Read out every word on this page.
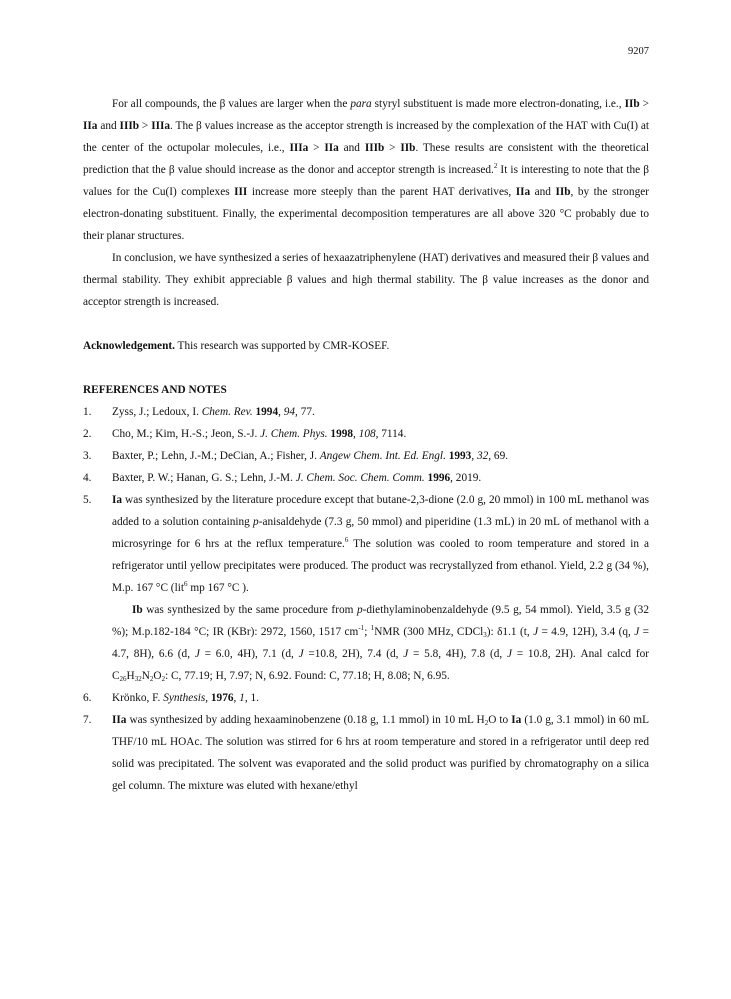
9207

For all compounds, the β values are larger when the para styryl substituent is made more electron-donating, i.e., IIb > IIa and IIIb > IIIa. The β values increase as the acceptor strength is increased by the complexation of the HAT with Cu(I) at the center of the octupolar molecules, i.e., IIIa > IIa and IIIb > IIb. These results are consistent with the theoretical prediction that the β value should increase as the donor and acceptor strength is increased.$^2$ It is interesting to note that the β values for the Cu(I) complexes III increase more steeply than the parent HAT derivatives, IIa and IIb, by the stronger electron-donating substituent. Finally, the experimental decomposition temperatures are all above 320 °C probably due to their planar structures.

In conclusion, we have synthesized a series of hexaazatriphenylene (HAT) derivatives and measured their β values and thermal stability. They exhibit appreciable β values and high thermal stability. The β value increases as the donor and acceptor strength is increased.

Acknowledgement. This research was supported by CMR-KOSEF.

REFERENCES AND NOTES

1. Zyss, J.; Ledoux, I. Chem. Rev. 1994, 94, 77.
2. Cho, M.; Kim, H.-S.; Jeon, S.-J. J. Chem. Phys. 1998, 108, 7114.
3. Baxter, P.; Lehn, J.-M.; DeCian, A.; Fisher, J. Angew Chem. Int. Ed. Engl. 1993, 32, 69.
4. Baxter, P. W.; Hanan, G. S.; Lehn, J.-M. J. Chem. Soc. Chem. Comm. 1996, 2019.
5. Ia was synthesized by the literature procedure except that butane-2,3-dione (2.0 g, 20 mmol) in 100 mL methanol was added to a solution containing p-anisaldehyde (7.3 g, 50 mmol) and piperidine (1.3 mL) in 20 mL of methanol with a microsyringe for 6 hrs at the reflux temperature.$^6$ The solution was cooled to room temperature and stored in a refrigerator until yellow precipitates were produced. The product was recrystallyzed from ethanol. Yield, 2.2 g (34 %), M.p. 167 °C (lit$^6$ mp 167 °C ).
Ib was synthesized by the same procedure from p-diethylaminobenzaldehyde (9.5 g, 54 mmol). Yield, 3.5 g (32 %); M.p.182-184 °C; IR (KBr): 2972, 1560, 1517 $cm^{-1}$; $^1$NMR (300 MHz, CDCl$_3$): δ1.1 (t, J = 4.9, 12H), 3.4 (q, J = 4.7, 8H), 6.6 (d, J = 6.0, 4H), 7.1 (d, J =10.8, 2H), 7.4 (d, J = 5.8, 4H), 7.8 (d, J = 10.8, 2H). Anal calcd for $C_{26}H_{32}N_2O_2$: C, 77.19; H, 7.97; N, 6.92. Found: C, 77.18; H, 8.08; N, 6.95.
6. Krönko, F. Synthesis, 1976, 1, 1.
7. IIa was synthesized by adding hexaaminobenzene (0.18 g, 1.1 mmol) in 10 mL $H_2O$ to Ia (1.0 g, 3.1 mmol) in 60 mL THF/10 mL HOAc. The solution was stirred for 6 hrs at room temperature and stored in a refrigerator until deep red solid was precipitated. The solvent was evaporated and the solid product was purified by chromatography on a silica gel column. The mixture was eluted with hexane/ethyl
